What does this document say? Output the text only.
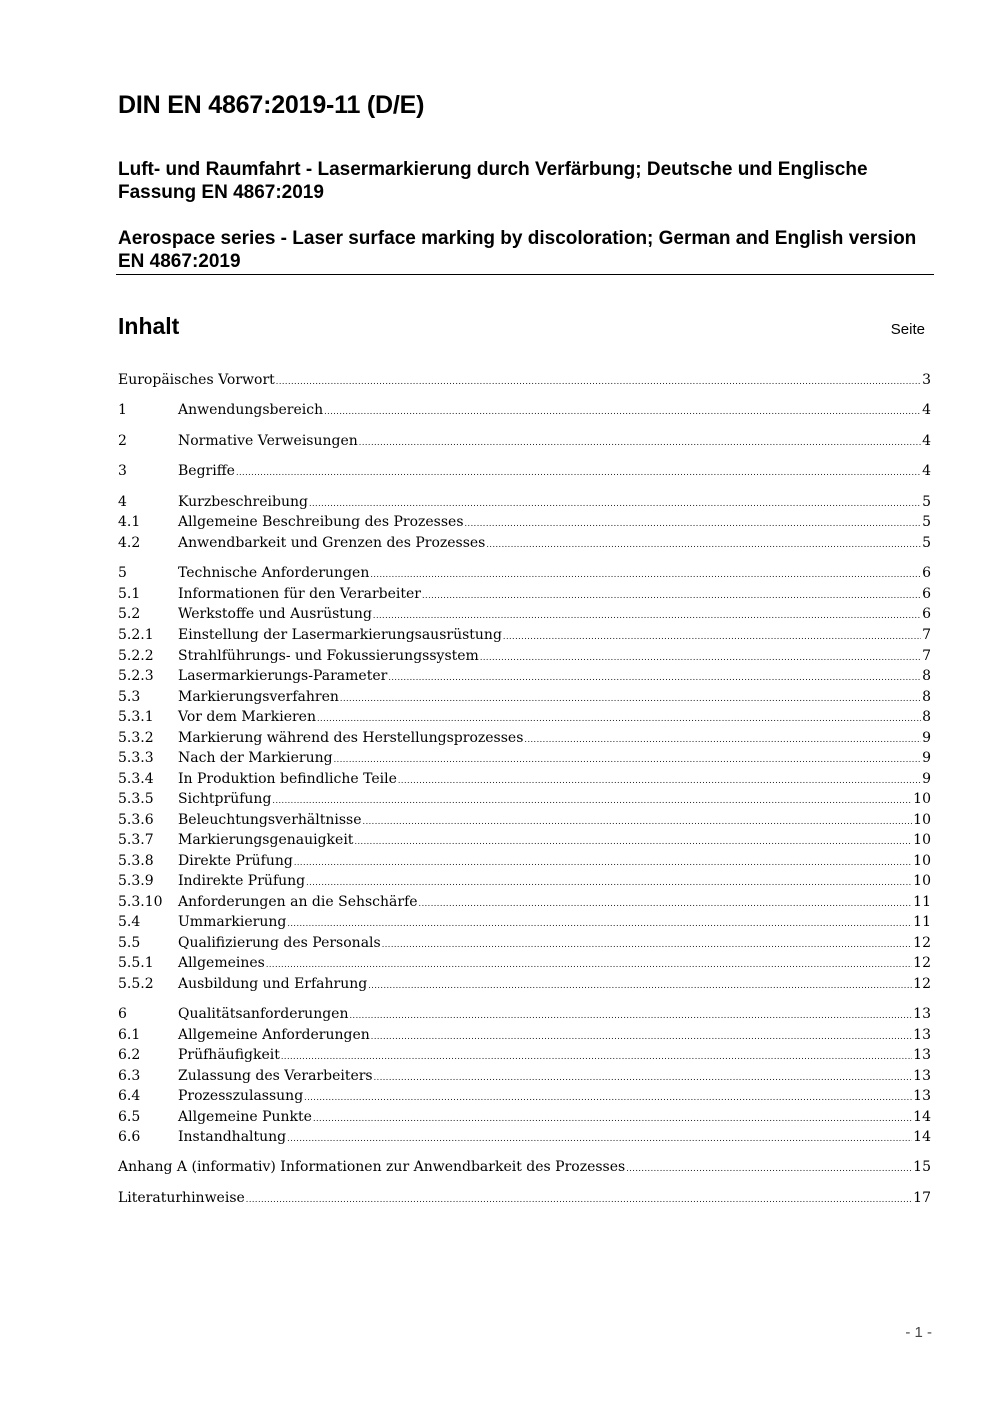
DIN EN 4867:2019-11 (D/E)

Luft- und Raumfahrt - Lasermarkierung durch Verfärbung; Deutsche und Englische Fassung EN 4867:2019

Aerospace series - Laser surface marking by discoloration; German and English version EN 4867:2019

Inhalt	Seite
Europäisches Vorwort .....	3
1	Anwendungsbereich .....	4
2	Normative Verweisungen .....	4
3	Begriffe .....	4
4	Kurzbeschreibung .....	5
4.1	Allgemeine Beschreibung des Prozesses .....	5
4.2	Anwendbarkeit und Grenzen des Prozesses .....	5
5	Technische Anforderungen .....	6
5.1	Informationen für den Verarbeiter .....	6
5.2	Werkstoffe und Ausrüstung .....	6
5.2.1	Einstellung der Lasermarkierungsausrüstung .....	7
5.2.2	Strahlführungs- und Fokussierungssystem .....	7
5.2.3	Lasermarkierungs-Parameter .....	8
5.3	Markierungsverfahren .....	8
5.3.1	Vor dem Markieren .....	8
5.3.2	Markierung während des Herstellungsprozesses .....	9
5.3.3	Nach der Markierung .....	9
5.3.4	In Produktion befindliche Teile .....	9
5.3.5	Sichtprüfung .....	10
5.3.6	Beleuchtungsverhältnisse .....	10
5.3.7	Markierungsgenauigkeit .....	10
5.3.8	Direkte Prüfung .....	10
5.3.9	Indirekte Prüfung .....	10
5.3.10	Anforderungen an die Sehschärfe .....	11
5.4	Ummarkierung .....	11
5.5	Qualifizierung des Personals .....	12
5.5.1	Allgemeines .....	12
5.5.2	Ausbildung und Erfahrung .....	12
6	Qualitätsanforderungen .....	13
6.1	Allgemeine Anforderungen .....	13
6.2	Prüfhäufigkeit .....	13
6.3	Zulassung des Verarbeiters .....	13
6.4	Prozesszulassung .....	13
6.5	Allgemeine Punkte .....	14
6.6	Instandhaltung .....	14
Anhang A (informativ) Informationen zur Anwendbarkeit des Prozesses .....	15
Literaturhinweise .....	17
- 1 -
